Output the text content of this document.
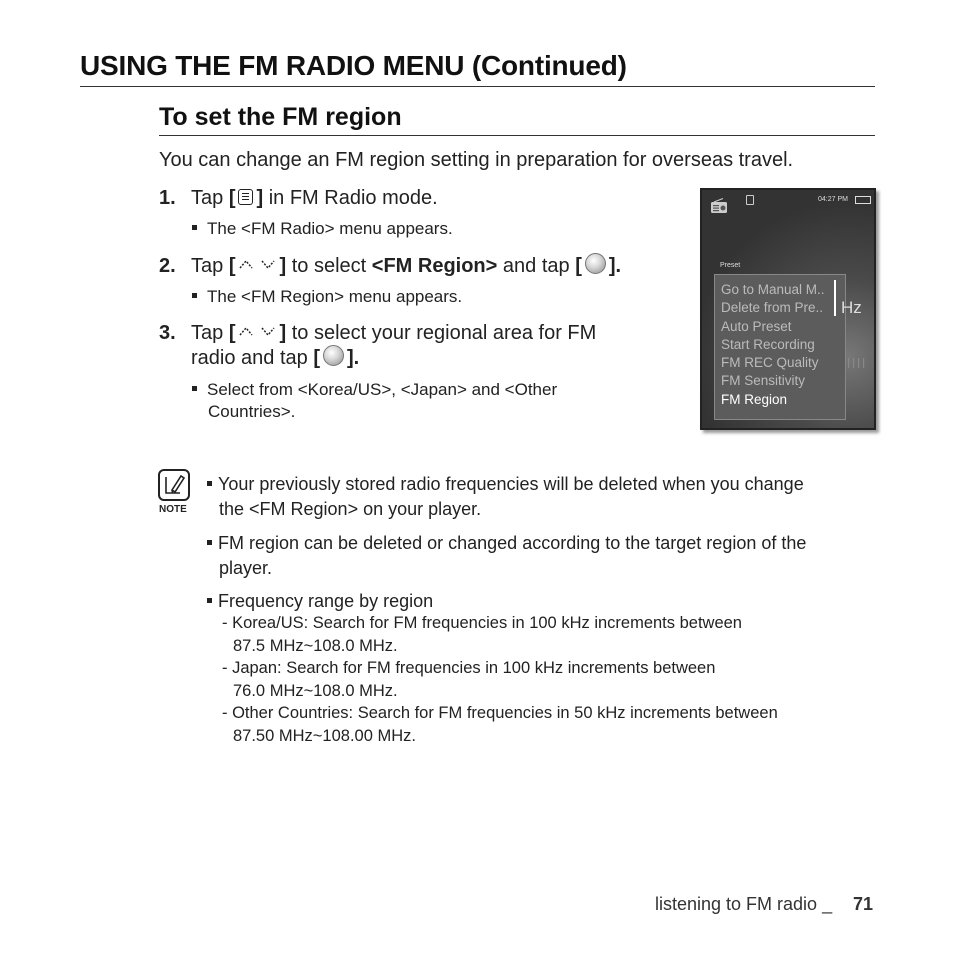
USING THE FM RADIO MENU (Continued)
To set the FM region
You can change an FM region setting in preparation for overseas travel.
1. Tap [ ] in FM Radio mode.
The <FM Radio> menu appears.
2. Tap [ ] to select <FM Region> and tap [ ].
The <FM Region> menu appears.
3. Tap [ ] to select your regional area for FM
radio and tap [ ].
Select from <Korea/US>, <Japan> and <Other
Countries>.
04:27 PM
Preset
Go to Manual M..
Delete from Pre..
Auto Preset
Start Recording
FM REC Quality
FM Sensitivity
FM Region
Hz
NOTE
Your previously stored radio frequencies will be deleted when you change
the <FM Region> on your player.
FM region can be deleted or changed according to the target region of the
player.
Frequency range by region
- Korea/US: Search for FM frequencies in 100 kHz increments between
87.5 MHz~108.0 MHz.
- Japan: Search for FM frequencies in 100 kHz increments between
76.0 MHz~108.0 MHz.
- Other Countries: Search for FM frequencies in 50 kHz increments between
87.50 MHz~108.00 MHz.
listening to FM radio _ 71
